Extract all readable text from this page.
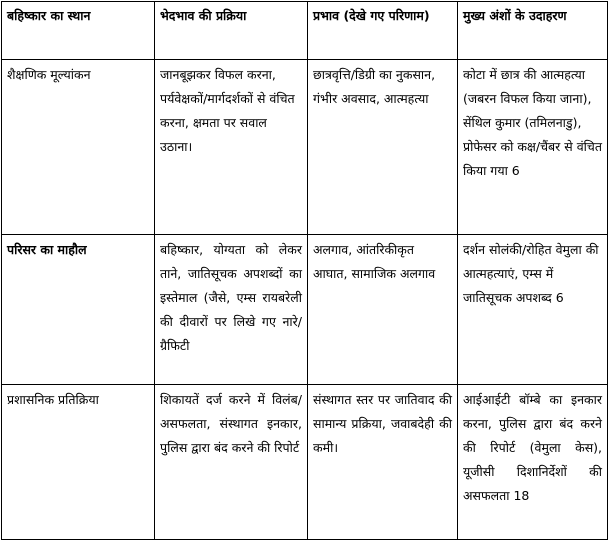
बहिष्कार का स्थान	भेदभाव की प्रक्रिया	प्रभाव (देखे गए परिणाम)	मुख्य अंशों के उदाहरण
शैक्षणिक मूल्यांकन	जानबूझकर विफल करना, पर्यवेक्षकों/मार्गदर्शकों से वंचित करना, क्षमता पर सवाल उठाना।	छात्रवृत्ति/डिग्री का नुकसान, गंभीर अवसाद, आत्महत्या	कोटा में छात्र की आत्महत्या (जबरन विफल किया जाना), सेंथिल कुमार (तमिलनाडु), प्रोफेसर को कक्ष/चैंबर से वंचित किया गया 6
परिसर का माहौल	बहिष्कार, योग्यता को लेकर ताने, जातिसूचक अपशब्दों का इस्तेमाल (जैसे, एम्स रायबरेली की दीवारों पर लिखे गए नारे/ग्रैफिटी	अलगाव, आंतरिकीकृत आघात, सामाजिक अलगाव	दर्शन सोलंकी/रोहित वेमुला की आत्महत्याएं, एम्स में जातिसूचक अपशब्द 6
प्रशासनिक प्रतिक्रिया	शिकायतें दर्ज करने में विलंब/असफलता, संस्थागत इनकार, पुलिस द्वारा बंद करने की रिपोर्ट	संस्थागत स्तर पर जातिवाद की सामान्य प्रक्रिया, जवाबदेही की कमी।	आईआईटी बॉम्बे का इनकार करना, पुलिस द्वारा बंद करने की रिपोर्ट (वेमुला केस), यूजीसी दिशानिर्देशों की असफलता 18
